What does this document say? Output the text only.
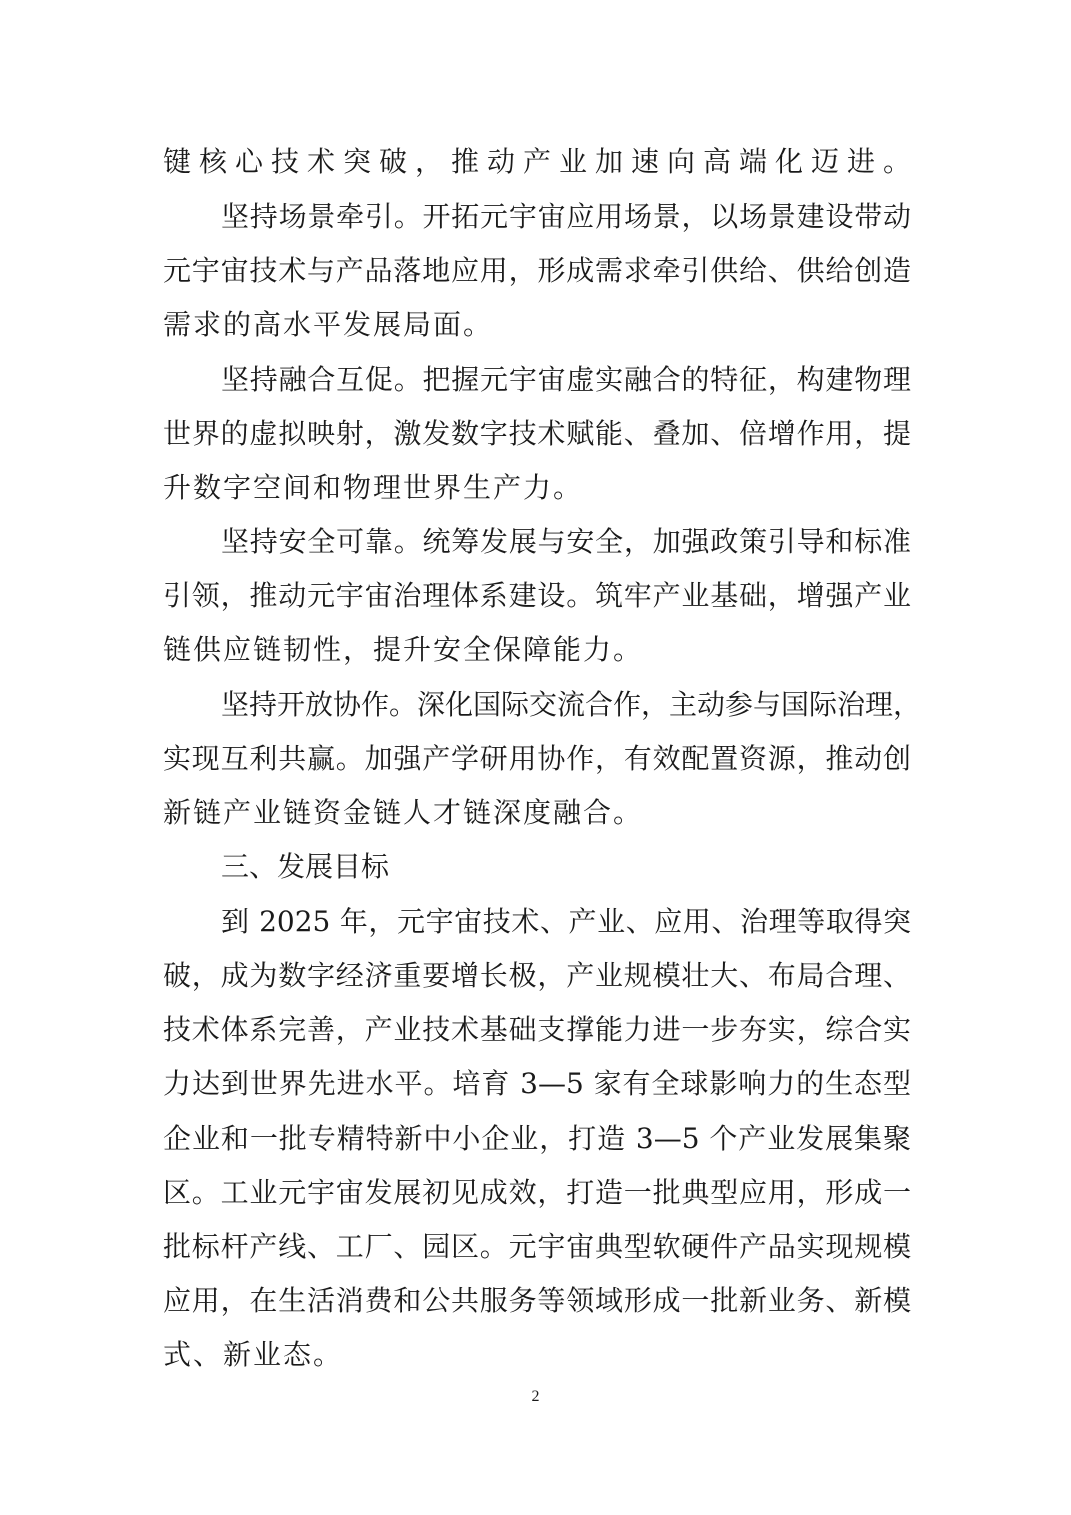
键核心技术突破，推动产业加速向高端化迈进。
坚持场景牵引。开拓元宇宙应用场景，以场景建设带动
元宇宙技术与产品落地应用，形成需求牵引供给、供给创造
需求的高水平发展局面。
坚持融合互促。把握元宇宙虚实融合的特征，构建物理
世界的虚拟映射，激发数字技术赋能、叠加、倍增作用，提
升数字空间和物理世界生产力。
坚持安全可靠。统筹发展与安全，加强政策引导和标准
引领，推动元宇宙治理体系建设。筑牢产业基础，增强产业
链供应链韧性，提升安全保障能力。
坚持开放协作。深化国际交流合作，主动参与国际治理，
实现互利共赢。加强产学研用协作，有效配置资源，推动创
新链产业链资金链人才链深度融合。
三、发展目标
到 2025 年，元宇宙技术、产业、应用、治理等取得突
破，成为数字经济重要增长极，产业规模壮大、布局合理、
技术体系完善，产业技术基础支撑能力进一步夯实，综合实
力达到世界先进水平。培育 3—5 家有全球影响力的生态型
企业和一批专精特新中小企业，打造 3—5 个产业发展集聚
区。工业元宇宙发展初见成效，打造一批典型应用，形成一
批标杆产线、工厂、园区。元宇宙典型软硬件产品实现规模
应用，在生活消费和公共服务等领域形成一批新业务、新模
式、新业态。
2
